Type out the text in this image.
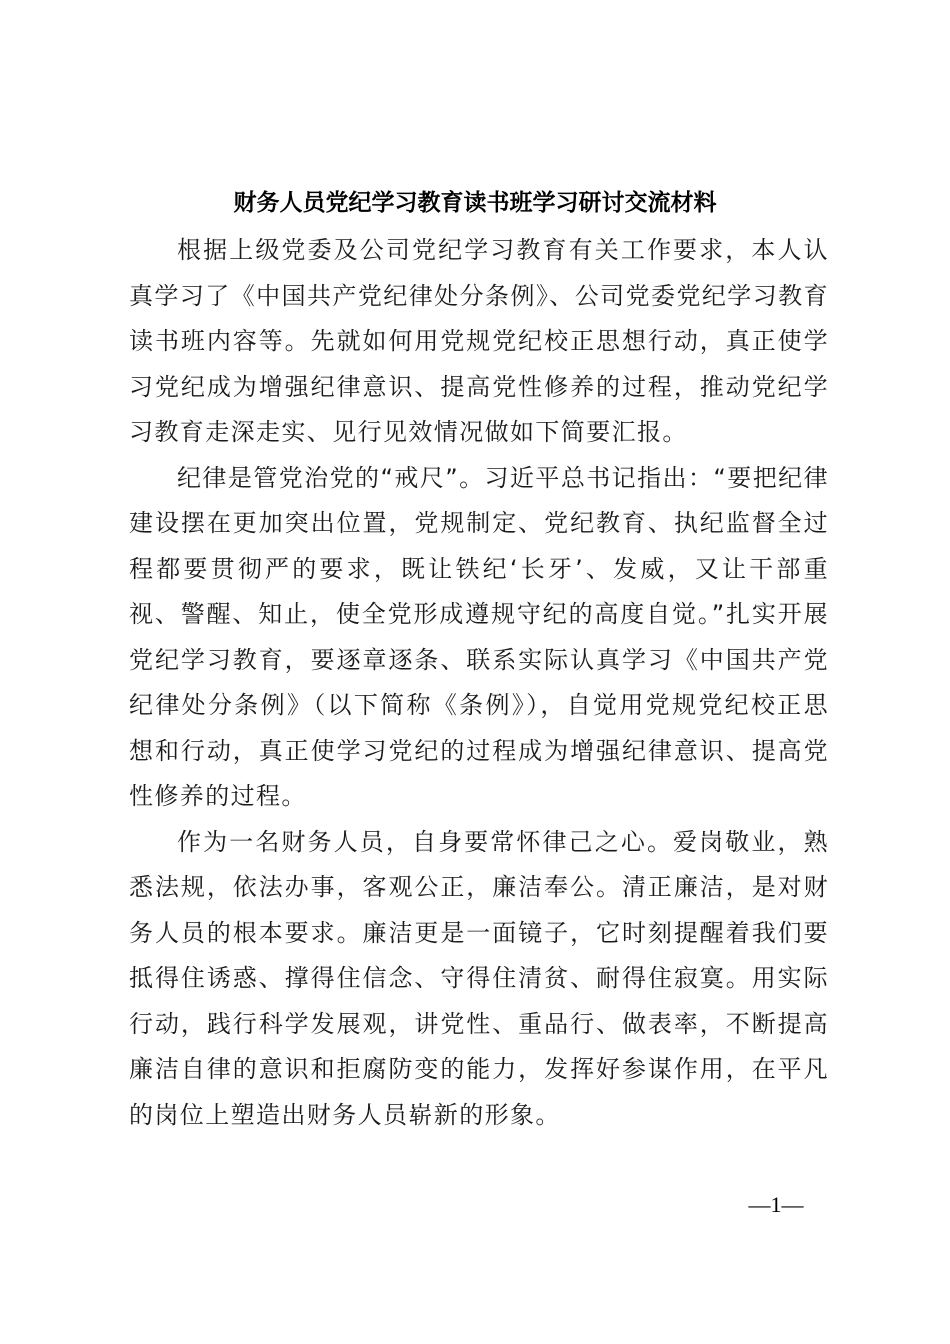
财务人员党纪学习教育读书班学习研讨交流材料

根据上级党委及公司党纪学习教育有关工作要求，本人认真学习了《中国共产党纪律处分条例》、公司党委党纪学习教育读书班内容等。先就如何用党规党纪校正思想行动，真正使学习党纪成为增强纪律意识、提高党性修养的过程，推动党纪学习教育走深走实、见行见效情况做如下简要汇报。

纪律是管党治党的“戒尺”。习近平总书记指出：“要把纪律建设摆在更加突出位置，党规制定、党纪教育、执纪监督全过程都要贯彻严的要求，既让铁纪‘长牙’、发威，又让干部重视、警醒、知止，使全党形成遵规守纪的高度自觉。”扎实开展党纪学习教育，要逐章逐条、联系实际认真学习《中国共产党纪律处分条例》（以下简称《条例》），自觉用党规党纪校正思想和行动，真正使学习党纪的过程成为增强纪律意识、提高党性修养的过程。

作为一名财务人员，自身要常怀律己之心。爱岗敬业，熟悉法规，依法办事，客观公正，廉洁奉公。清正廉洁，是对财务人员的根本要求。廉洁更是一面镜子，它时刻提醒着我们要抵得住诱惑、撑得住信念、守得住清贫、耐得住寂寞。用实际行动，践行科学发展观，讲党性、重品行、做表率，不断提高廉洁自律的意识和拒腐防变的能力，发挥好参谋作用，在平凡的岗位上塑造出财务人员崭新的形象。

—1—
